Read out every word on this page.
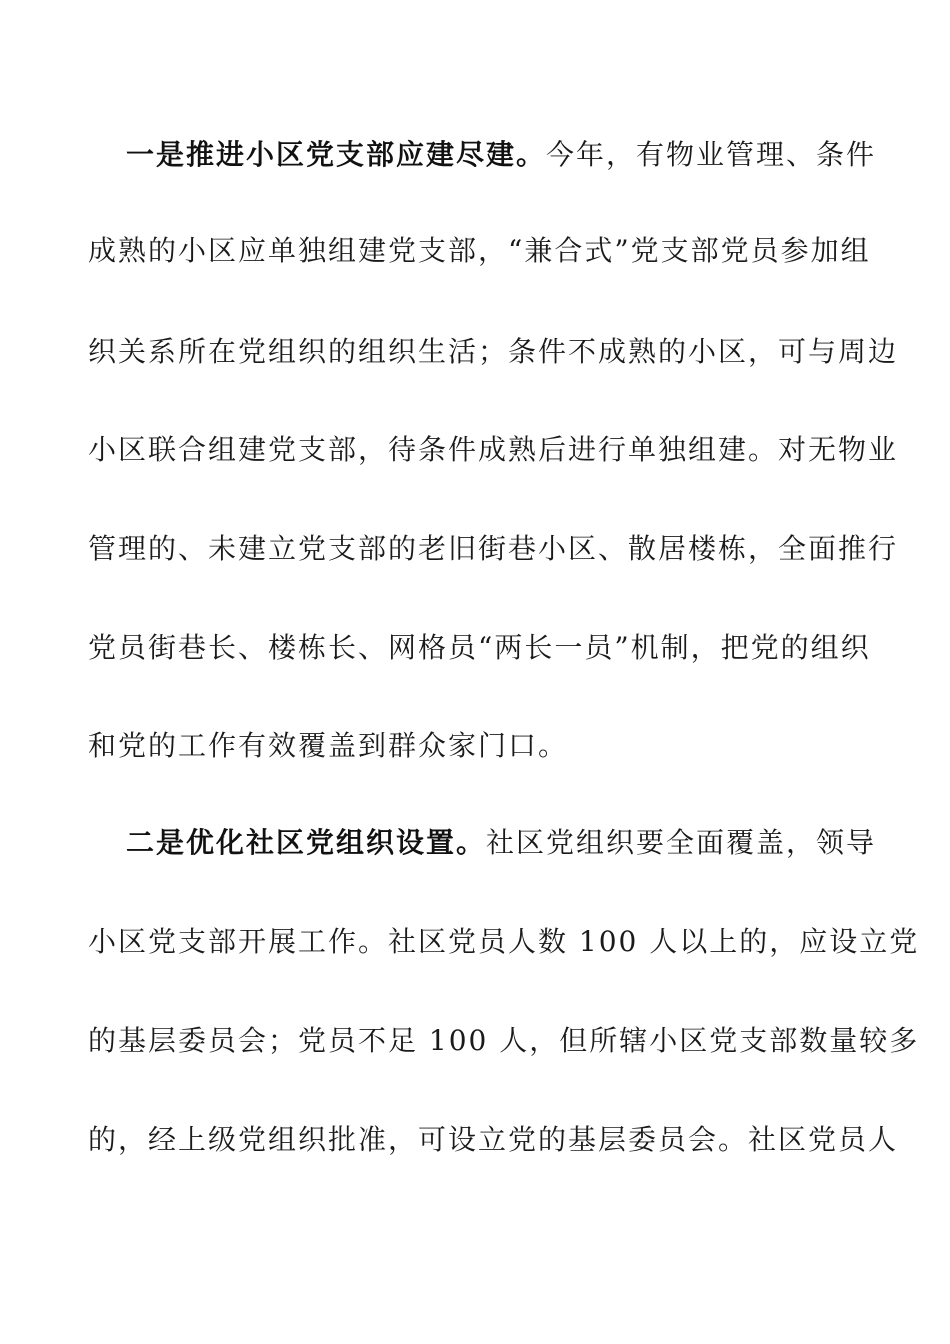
一是推进小区党支部应建尽建。今年，有物业管理、条件
成熟的小区应单独组建党支部，“兼合式”党支部党员参加组
织关系所在党组织的组织生活；条件不成熟的小区，可与周边
小区联合组建党支部，待条件成熟后进行单独组建。对无物业
管理的、未建立党支部的老旧街巷小区、散居楼栋，全面推行
党员街巷长、楼栋长、网格员“两长一员”机制，把党的组织
和党的工作有效覆盖到群众家门口。
二是优化社区党组织设置。社区党组织要全面覆盖，领导
小区党支部开展工作。社区党员人数 100 人以上的，应设立党
的基层委员会；党员不足 100 人，但所辖小区党支部数量较多
的，经上级党组织批准，可设立党的基层委员会。社区党员人
